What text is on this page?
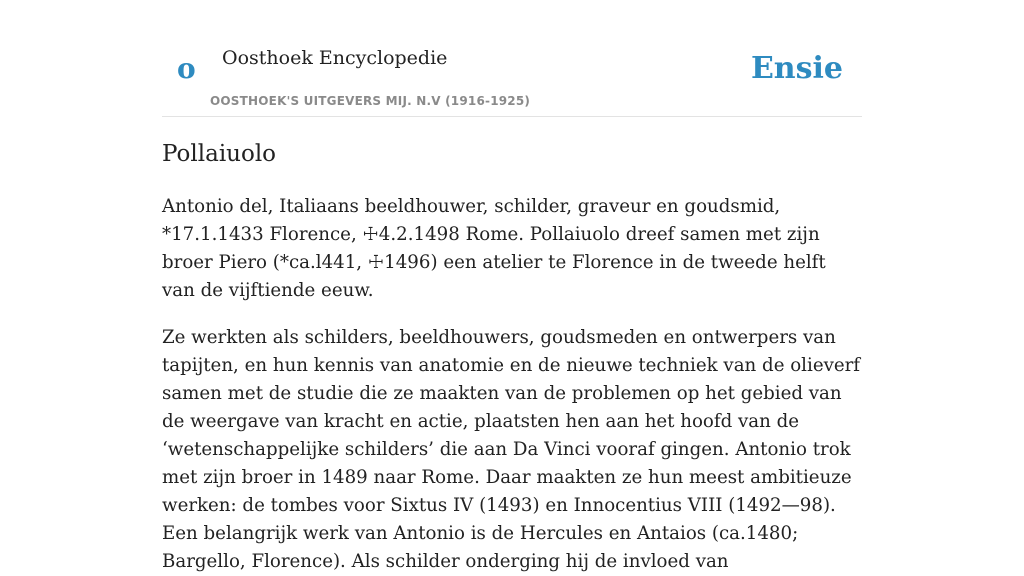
o Oosthoek Encyclopedie
OOSTHOEK'S UITGEVERS MIJ. N.V (1916-1925)
Ensie
Pollaiuolo

Antonio del, Italiaans beeldhouwer, schilder, graveur en goudsmid, *17.1.1433 Florence, ☩4.2.1498 Rome. Pollaiuolo dreef samen met zijn broer Piero (*ca.l441, ☩1496) een atelier te Florence in de tweede helft van de vijftiende eeuw.

Ze werkten als schilders, beeldhouwers, goudsmeden en ontwerpers van tapijten, en hun kennis van anatomie en de nieuwe techniek van de olieverf samen met de studie die ze maakten van de problemen op het gebied van de weergave van kracht en actie, plaatsten hen aan het hoofd van de ‘wetenschappelijke schilders’ die aan Da Vinci vooraf gingen. Antonio trok met zijn broer in 1489 naar Rome. Daar maakten ze hun meest ambitieuze werken: de tombes voor Sixtus IV (1493) en Innocentius VIII (1492—98). Een belangrijk werk van Antonio is de Hercules en Antaios (ca.1480; Bargello, Florence). Als schilder onderging hij de invloed van
